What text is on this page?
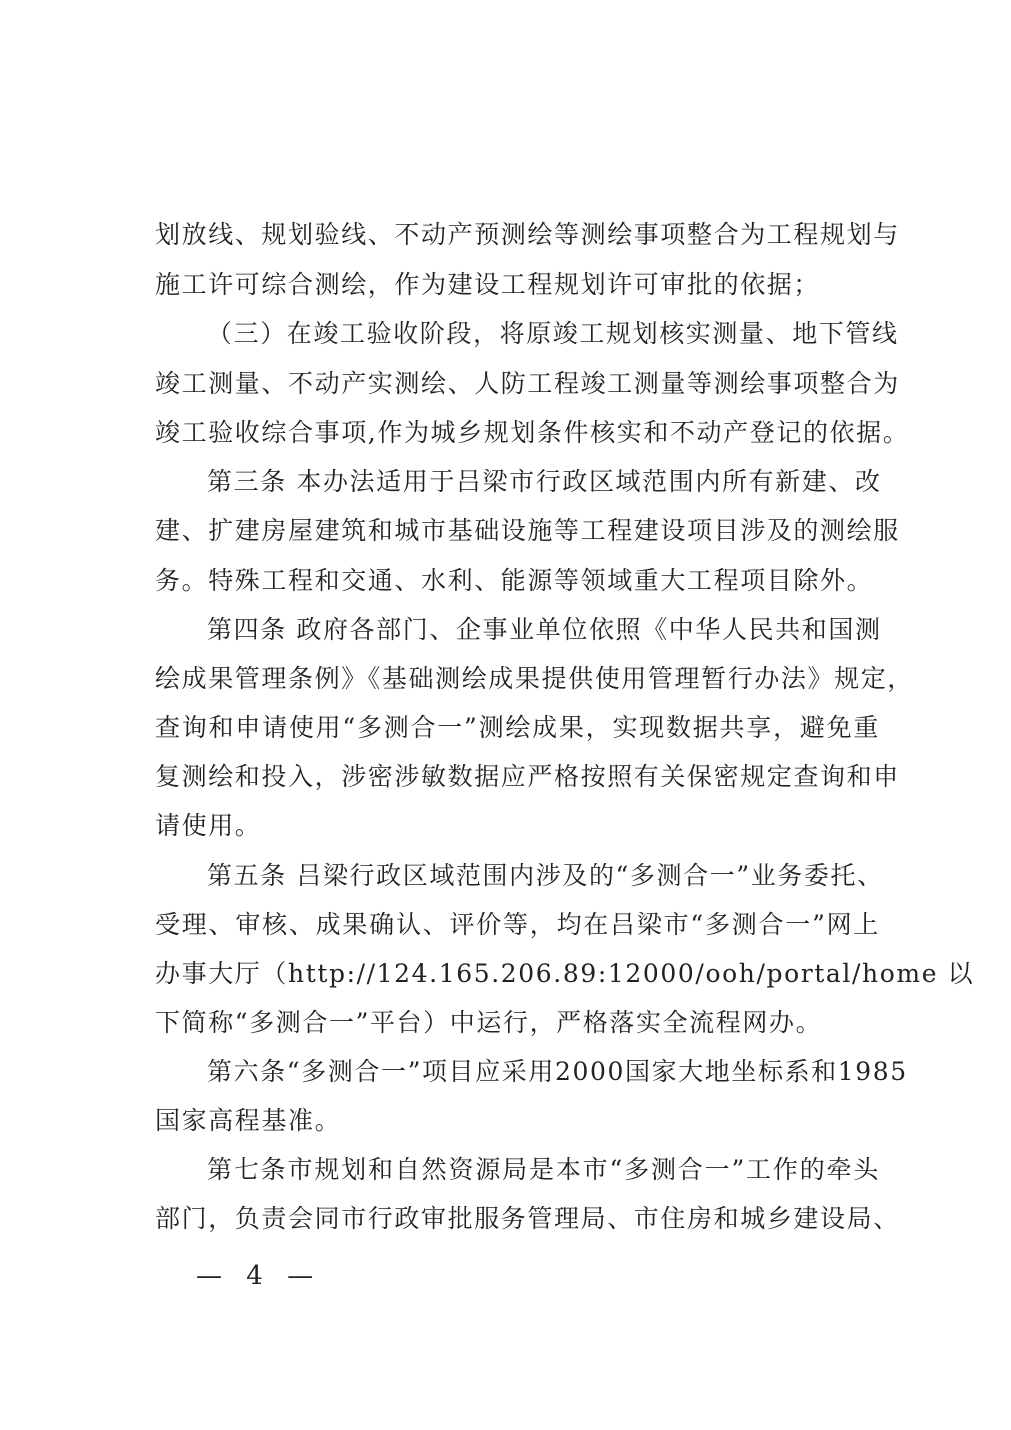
划放线、规划验线、不动产预测绘等测绘事项整合为工程规划与
施工许可综合测绘，作为建设工程规划许可审批的依据；
（三）在竣工验收阶段，将原竣工规划核实测量、地下管线
竣工测量、不动产实测绘、人防工程竣工测量等测绘事项整合为
竣工验收综合事项,作为城乡规划条件核实和不动产登记的依据。
第三条 本办法适用于吕梁市行政区域范围内所有新建、改
建、扩建房屋建筑和城市基础设施等工程建设项目涉及的测绘服
务。特殊工程和交通、水利、能源等领域重大工程项目除外。
第四条 政府各部门、企事业单位依照《中华人民共和国测
绘成果管理条例》《基础测绘成果提供使用管理暂行办法》规定，
查询和申请使用“多测合一”测绘成果，实现数据共享，避免重
复测绘和投入，涉密涉敏数据应严格按照有关保密规定查询和申
请使用。
第五条 吕梁行政区域范围内涉及的“多测合一”业务委托、
受理、审核、成果确认、评价等，均在吕梁市“多测合一”网上
办事大厅（http://124.165.206.89:12000/ooh/portal/home 以
下简称“多测合一”平台）中运行，严格落实全流程网办。
第六条“多测合一”项目应采用2000国家大地坐标系和1985
国家高程基准。
第七条市规划和自然资源局是本市“多测合一”工作的牵头
部门，负责会同市行政审批服务管理局、市住房和城乡建设局、
— 4 —
